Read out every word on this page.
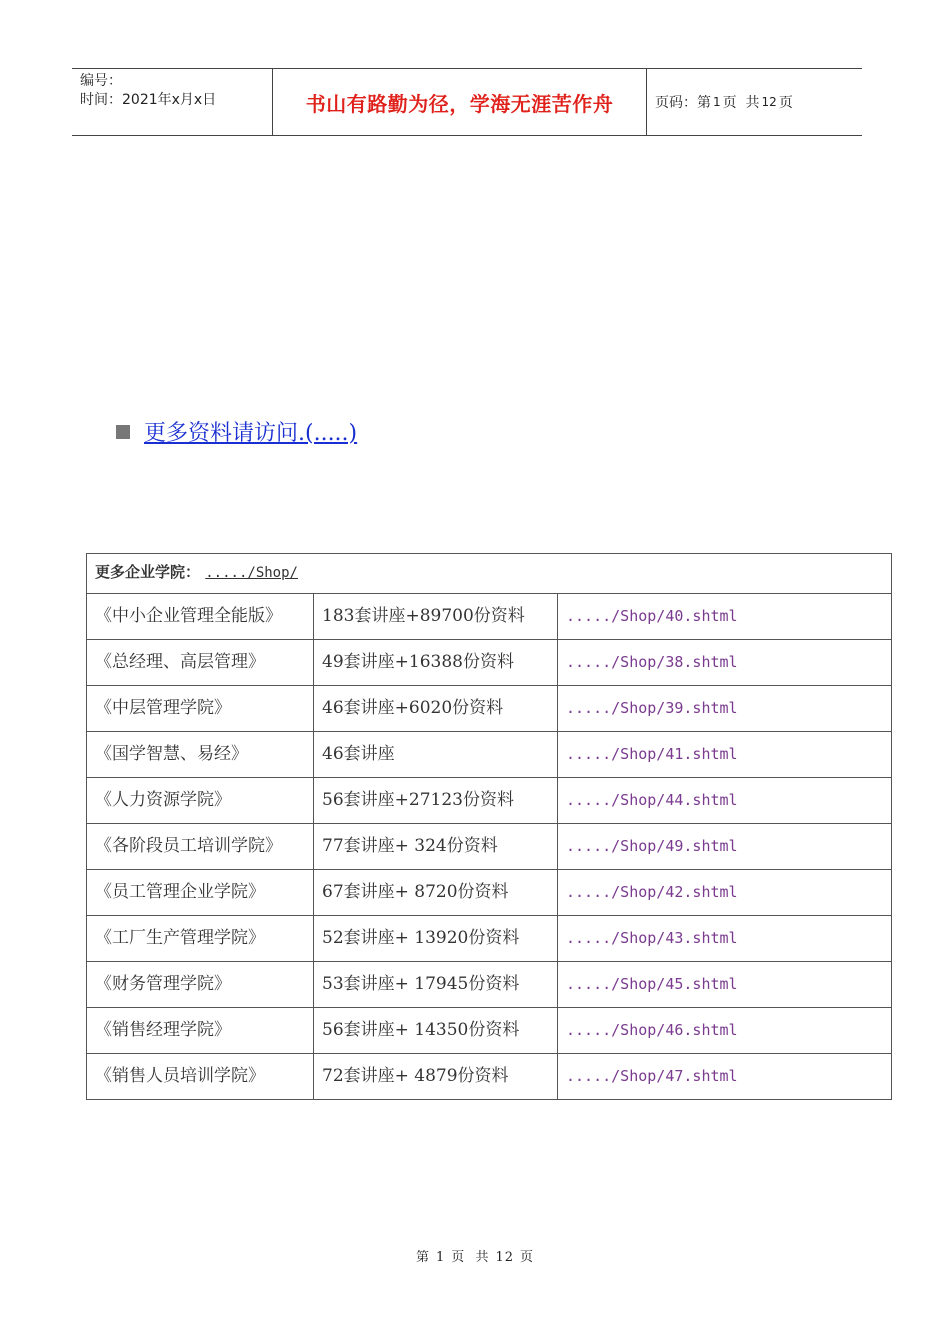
编号：
时间：2021年x月x日	书山有路勤为径，学海无涯苦作舟	页码：第 1 页  共 12 页
更多资料请访问.(.....)
更多企业学院： ...../Shop/		
《中小企业管理全能版》	183套讲座+89700份资料	...../Shop/40.shtml
《总经理、高层管理》	49套讲座+16388份资料	...../Shop/38.shtml
《中层管理学院》	46套讲座+6020份资料	...../Shop/39.shtml
《国学智慧、易经》	46套讲座	...../Shop/41.shtml
《人力资源学院》	56套讲座+27123份资料	...../Shop/44.shtml
《各阶段员工培训学院》	77套讲座+ 324份资料	...../Shop/49.shtml
《员工管理企业学院》	67套讲座+ 8720份资料	...../Shop/42.shtml
《工厂生产管理学院》	52套讲座+ 13920份资料	...../Shop/43.shtml
《财务管理学院》	53套讲座+ 17945份资料	...../Shop/45.shtml
《销售经理学院》	56套讲座+ 14350份资料	...../Shop/46.shtml
《销售人员培训学院》	72套讲座+ 4879份资料	...../Shop/47.shtml
第 1 页  共 12 页
